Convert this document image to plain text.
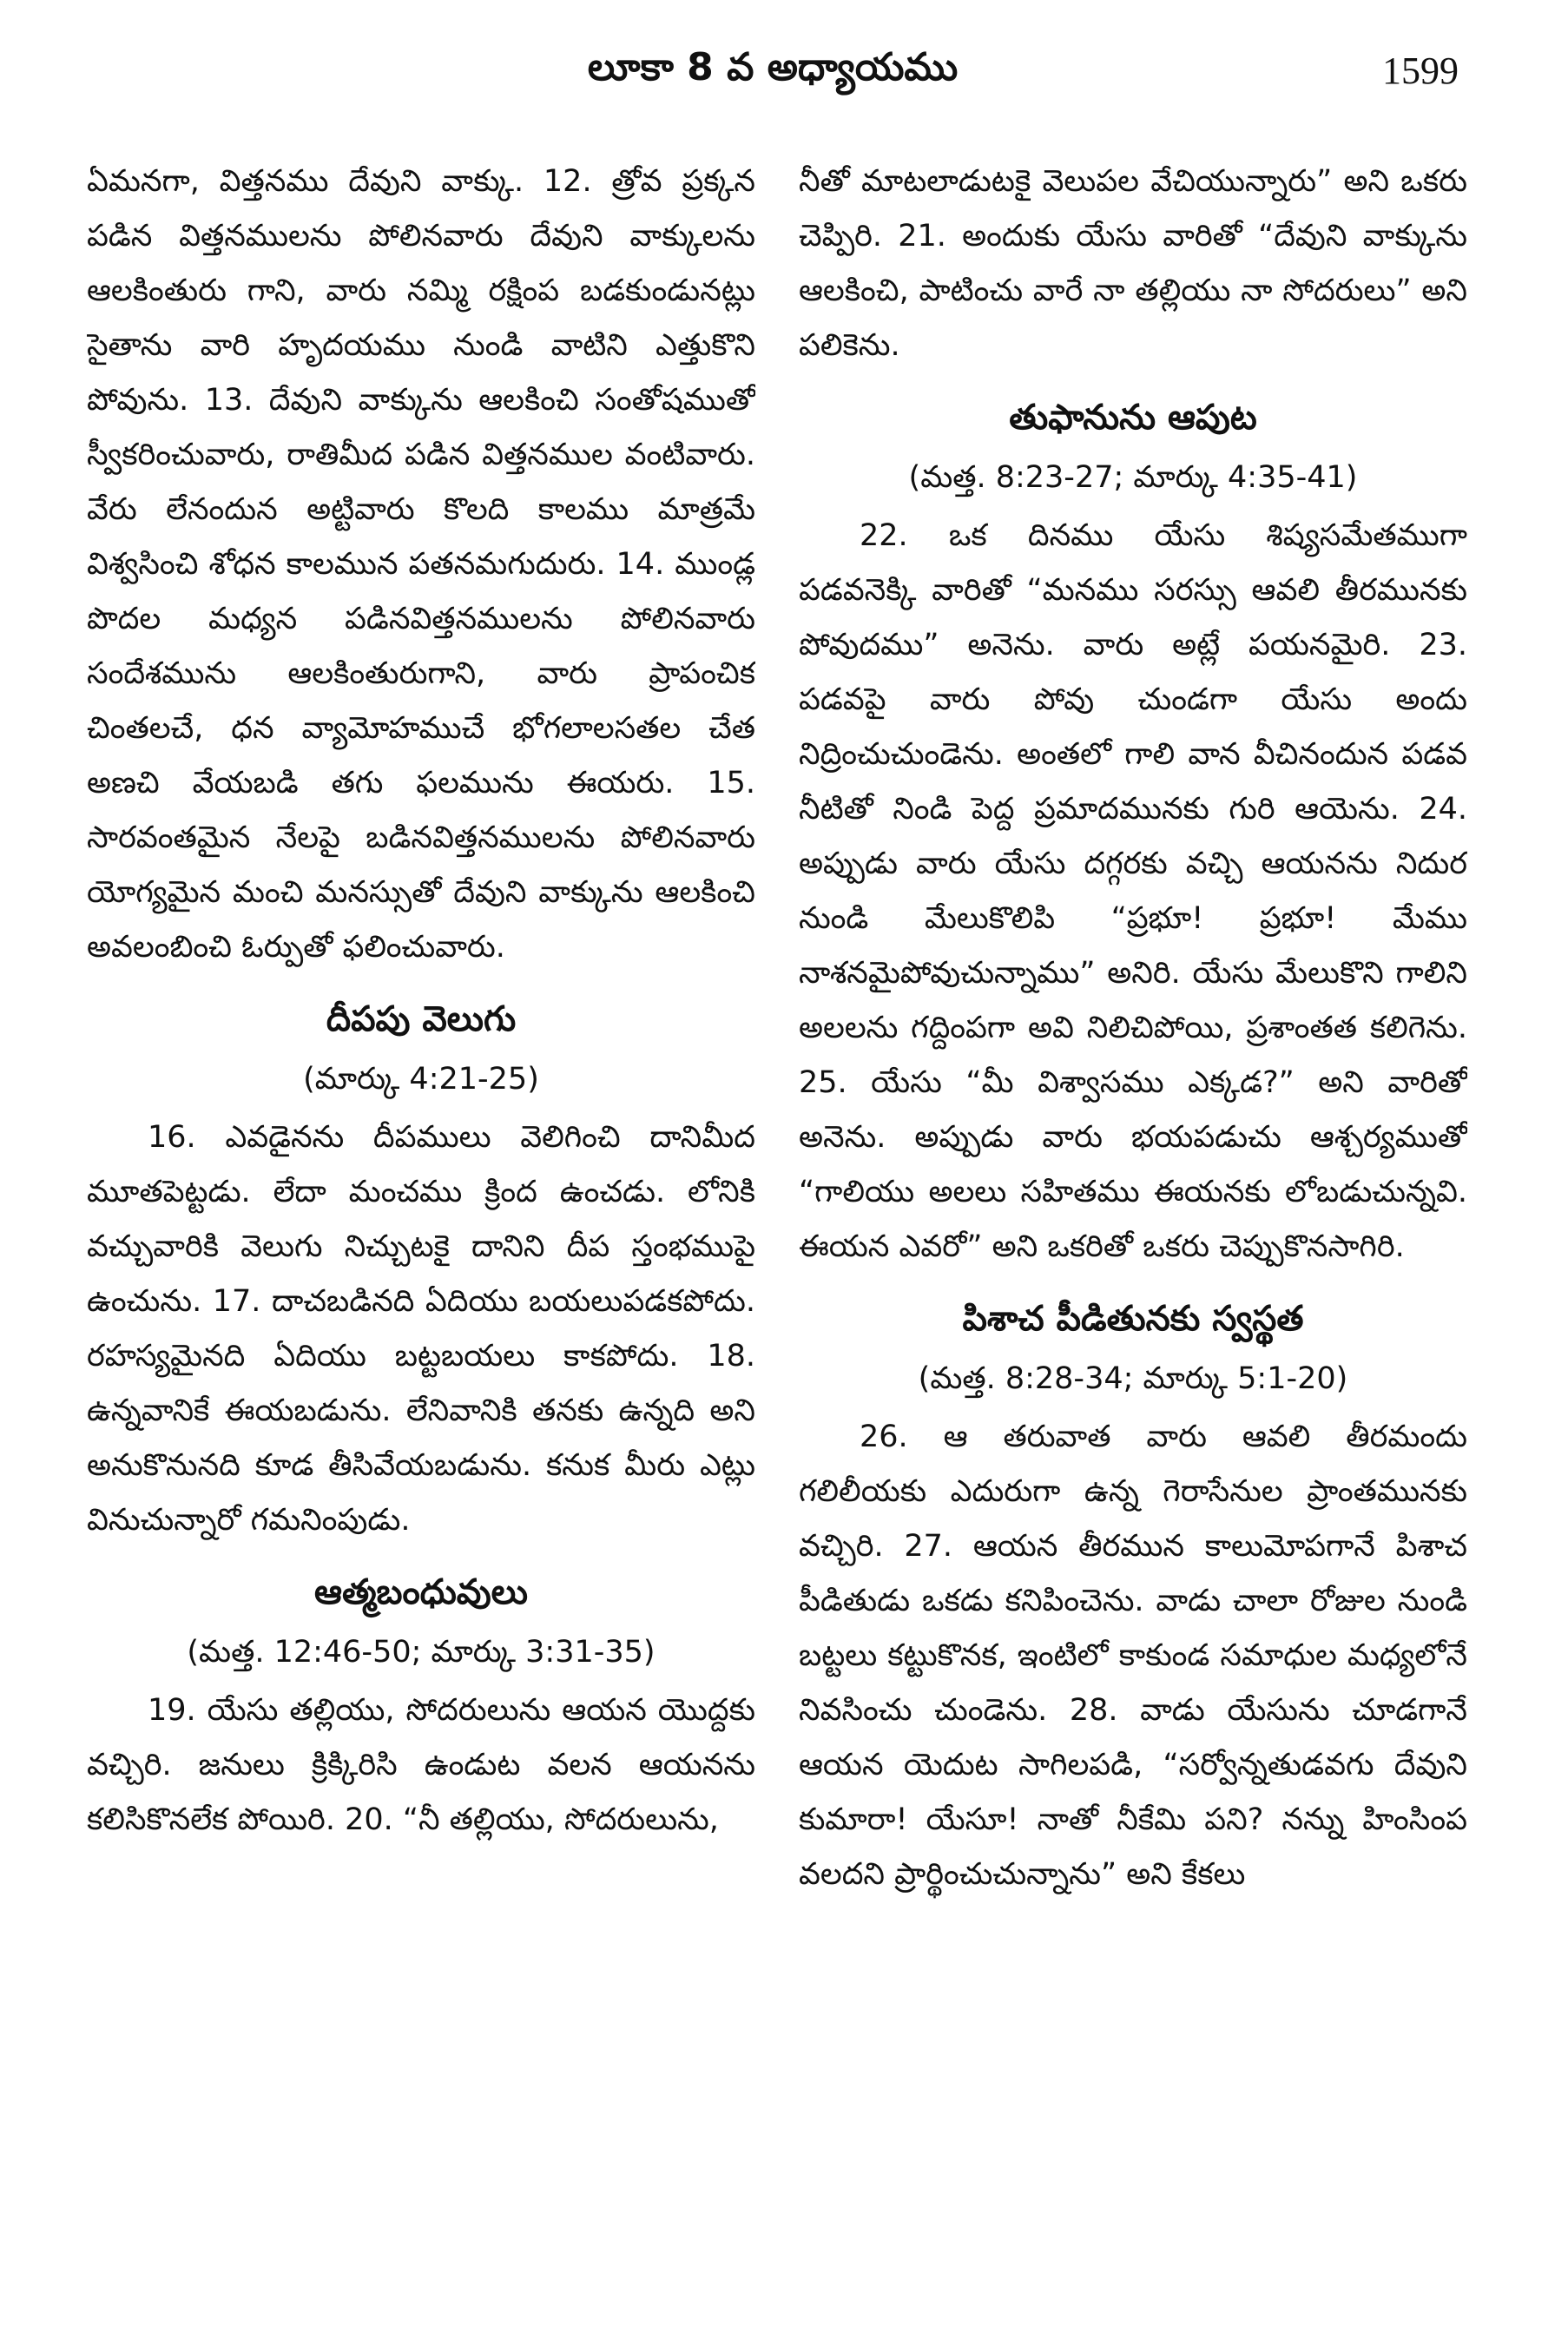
లూకా 8 వ అధ్యాయము	1599

ఏమనగా, విత్తనము దేవుని వాక్కు. 12. త్రోవ ప్రక్కన పడిన విత్తనములను పోలినవారు దేవుని వాక్కులను ఆలకింతురు గాని, వారు నమ్మి రక్షింప బడకుండునట్లు సైతాను వారి హృదయము నుండి వాటిని ఎత్తుకొని పోవును. 13. దేవుని వాక్కును ఆలకించి సంతోషముతో స్వీకరించువారు, రాతిమీద పడిన విత్తనముల వంటివారు. వేరు లేనందున అట్టివారు కొలది కాలము మాత్రమే విశ్వసించి శోధన కాలమున పతనమగుదురు. 14. ముండ్ల పొదల మధ్యన పడినవిత్తనములను పోలినవారు సందేశమును ఆలకింతురుగాని, వారు ప్రాపంచిక చింతలచే, ధన వ్యామోహముచే భోగలాలసతల చేత అణచి వేయబడి తగు ఫలమును ఈయరు. 15. సారవంతమైన నేలపై బడినవిత్తనములను పోలినవారు యోగ్యమైన మంచి మనస్సుతో దేవుని వాక్కును ఆలకించి అవలంబించి ఓర్పుతో ఫలించువారు.

దీపపు వెలుగు
(మార్కు 4:21-25)

16. ఎవడైనను దీపములు వెలిగించి దానిమీద మూతపెట్టడు. లేదా మంచము క్రింద ఉంచడు. లోనికి వచ్చువారికి వెలుగు నిచ్చుటకై దానిని దీప స్తంభముపై ఉంచును. 17. దాచబడినది ఏదియు బయలుపడకపోదు. రహస్యమైనది ఏదియు బట్టబయలు కాకపోదు. 18. ఉన్నవానికే ఈయబడును. లేనివానికి తనకు ఉన్నది అని అనుకొనునది కూడ తీసివేయబడును. కనుక మీరు ఎట్లు వినుచున్నారో గమనింపుడు.

ఆత్మబంధువులు
(మత్త. 12:46-50; మార్కు 3:31-35)

19. యేసు తల్లియు, సోదరులును ఆయన యొద్దకు వచ్చిరి. జనులు క్రిక్కిరిసి ఉండుట వలన ఆయనను కలిసికొనలేక పోయిరి. 20. “నీ తల్లియు, సోదరులును,

నీతో మాటలాడుటకై వెలుపల వేచియున్నారు” అని ఒకరు చెప్పిరి. 21. అందుకు యేసు వారితో “దేవుని వాక్కును ఆలకించి, పాటించు వారే నా తల్లియు నా సోదరులు” అని పలికెను.

తుఫానును ఆపుట
(మత్త. 8:23-27; మార్కు 4:35-41)

22. ఒక దినము యేసు శిష్యసమేతముగా పడవనెక్కి వారితో “మనము సరస్సు ఆవలి తీరమునకు పోవుదము” అనెను. వారు అట్లే పయనమైరి. 23. పడవపై వారు పోవు చుండగా యేసు అందు నిద్రించుచుండెను. అంతలో గాలి వాన వీచినందున పడవ నీటితో నిండి పెద్ద ప్రమాదమునకు గురి ఆయెను. 24. అప్పుడు వారు యేసు దగ్గరకు వచ్చి ఆయనను నిదుర నుండి మేలుకొలిపి “ప్రభూ! ప్రభూ! మేము నాశనమైపోవుచున్నాము” అనిరి. యేసు మేలుకొని గాలిని అలలను గద్దింపగా అవి నిలిచిపోయి, ప్రశాంతత కలిగెను. 25. యేసు “మీ విశ్వాసము ఎక్కడ?” అని వారితో అనెను. అప్పుడు వారు భయపడుచు ఆశ్చర్యముతో “గాలియు అలలు సహితము ఈయనకు లోబడుచున్నవి. ఈయన ఎవరో” అని ఒకరితో ఒకరు చెప్పుకొనసాగిరి.

పిశాచ పీడితునకు స్వస్థత
(మత్త. 8:28-34; మార్కు 5:1-20)

26. ఆ తరువాత వారు ఆవలి తీరమందు గలిలీయకు ఎదురుగా ఉన్న గెరాసేనుల ప్రాంతమునకు వచ్చిరి. 27. ఆయన తీరమున కాలుమోపగానే పిశాచ పీడితుడు ఒకడు కనిపించెను. వాడు చాలా రోజుల నుండి బట్టలు కట్టుకొనక, ఇంటిలో కాకుండ సమాధుల మధ్యలోనే నివసించు చుండెను. 28. వాడు యేసును చూడగానే ఆయన యెదుట సాగిలపడి, “సర్వోన్నతుడవగు దేవుని కుమారా! యేసూ! నాతో నీకేమి పని? నన్ను హింసింప వలదని ప్రార్థించుచున్నాను” అని కేకలు
